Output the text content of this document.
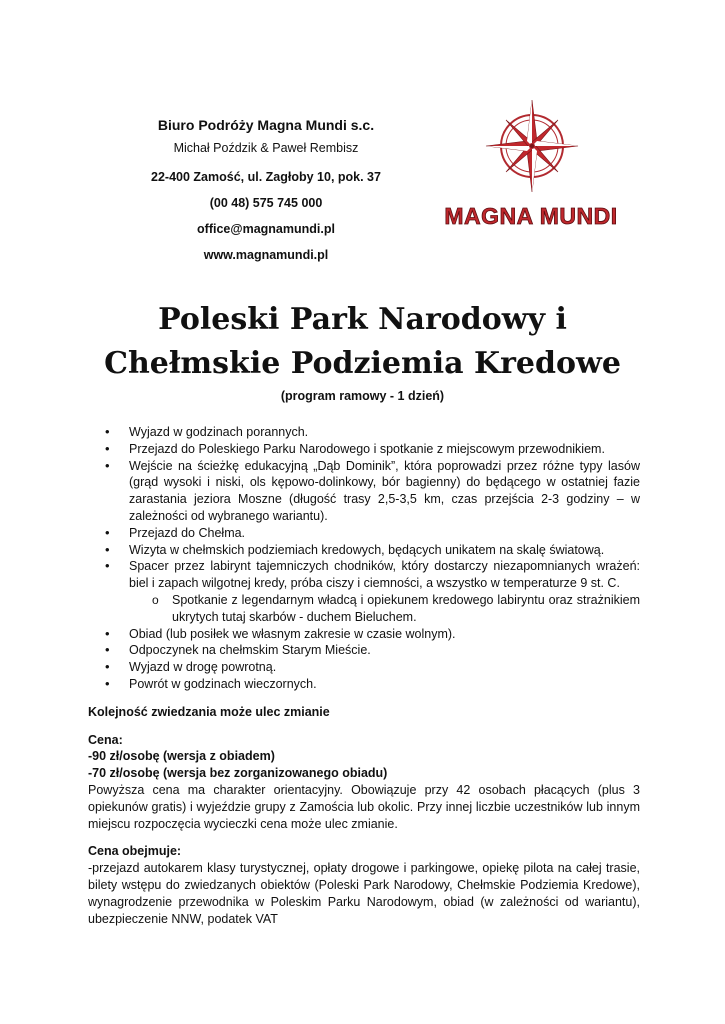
Biuro Podróży Magna Mundi s.c.
Michał Poździk & Paweł Rembisz
22-400 Zamość, ul. Zagłoby 10, pok. 37
(00 48) 575 745 000
office@magnamundi.pl
www.magnamundi.pl
MAGNA MUNDI
Poleski Park Narodowy i
Chełmskie Podziemia Kredowe
(program ramowy - 1 dzień)
• Wyjazd w godzinach porannych.
• Przejazd do Poleskiego Parku Narodowego i spotkanie z miejscowym przewodnikiem.
• Wejście na ścieżkę edukacyjną „Dąb Dominik”, która poprowadzi przez różne typy lasów (grąd wysoki i niski, ols kępowo-dolinkowy, bór bagienny) do będącego w ostatniej fazie zarastania jeziora Moszne (długość trasy 2,5-3,5 km, czas przejścia 2-3 godziny – w zależności od wybranego wariantu).
• Przejazd do Chełma.
• Wizyta w chełmskich podziemiach kredowych, będących unikatem na skalę światową.
• Spacer przez labirynt tajemniczych chodników, który dostarczy niezapomnianych wrażeń: biel i zapach wilgotnej kredy, próba ciszy i ciemności, a wszystko w temperaturze 9 st. C.
o Spotkanie z legendarnym władcą i opiekunem kredowego labiryntu oraz strażnikiem ukrytych tutaj skarbów - duchem Bieluchem.
• Obiad (lub posiłek we własnym zakresie w czasie wolnym).
• Odpoczynek na chełmskim Starym Mieście.
• Wyjazd w drogę powrotną.
• Powrót w godzinach wieczornych.
Kolejność zwiedzania może ulec zmianie
Cena:
-90 zł/osobę (wersja z obiadem)
-70 zł/osobę (wersja bez zorganizowanego obiadu)
Powyższa cena ma charakter orientacyjny. Obowiązuje przy 42 osobach płacących (plus 3 opiekunów gratis) i wyjeździe grupy z Zamościa lub okolic. Przy innej liczbie uczestników lub innym miejscu rozpoczęcia wycieczki cena może ulec zmianie.
Cena obejmuje:
-przejazd autokarem klasy turystycznej, opłaty drogowe i parkingowe, opiekę pilota na całej trasie, bilety wstępu do zwiedzanych obiektów (Poleski Park Narodowy, Chełmskie Podziemia Kredowe), wynagrodzenie przewodnika w Poleskim Parku Narodowym, obiad (w zależności od wariantu), ubezpieczenie NNW, podatek VAT
